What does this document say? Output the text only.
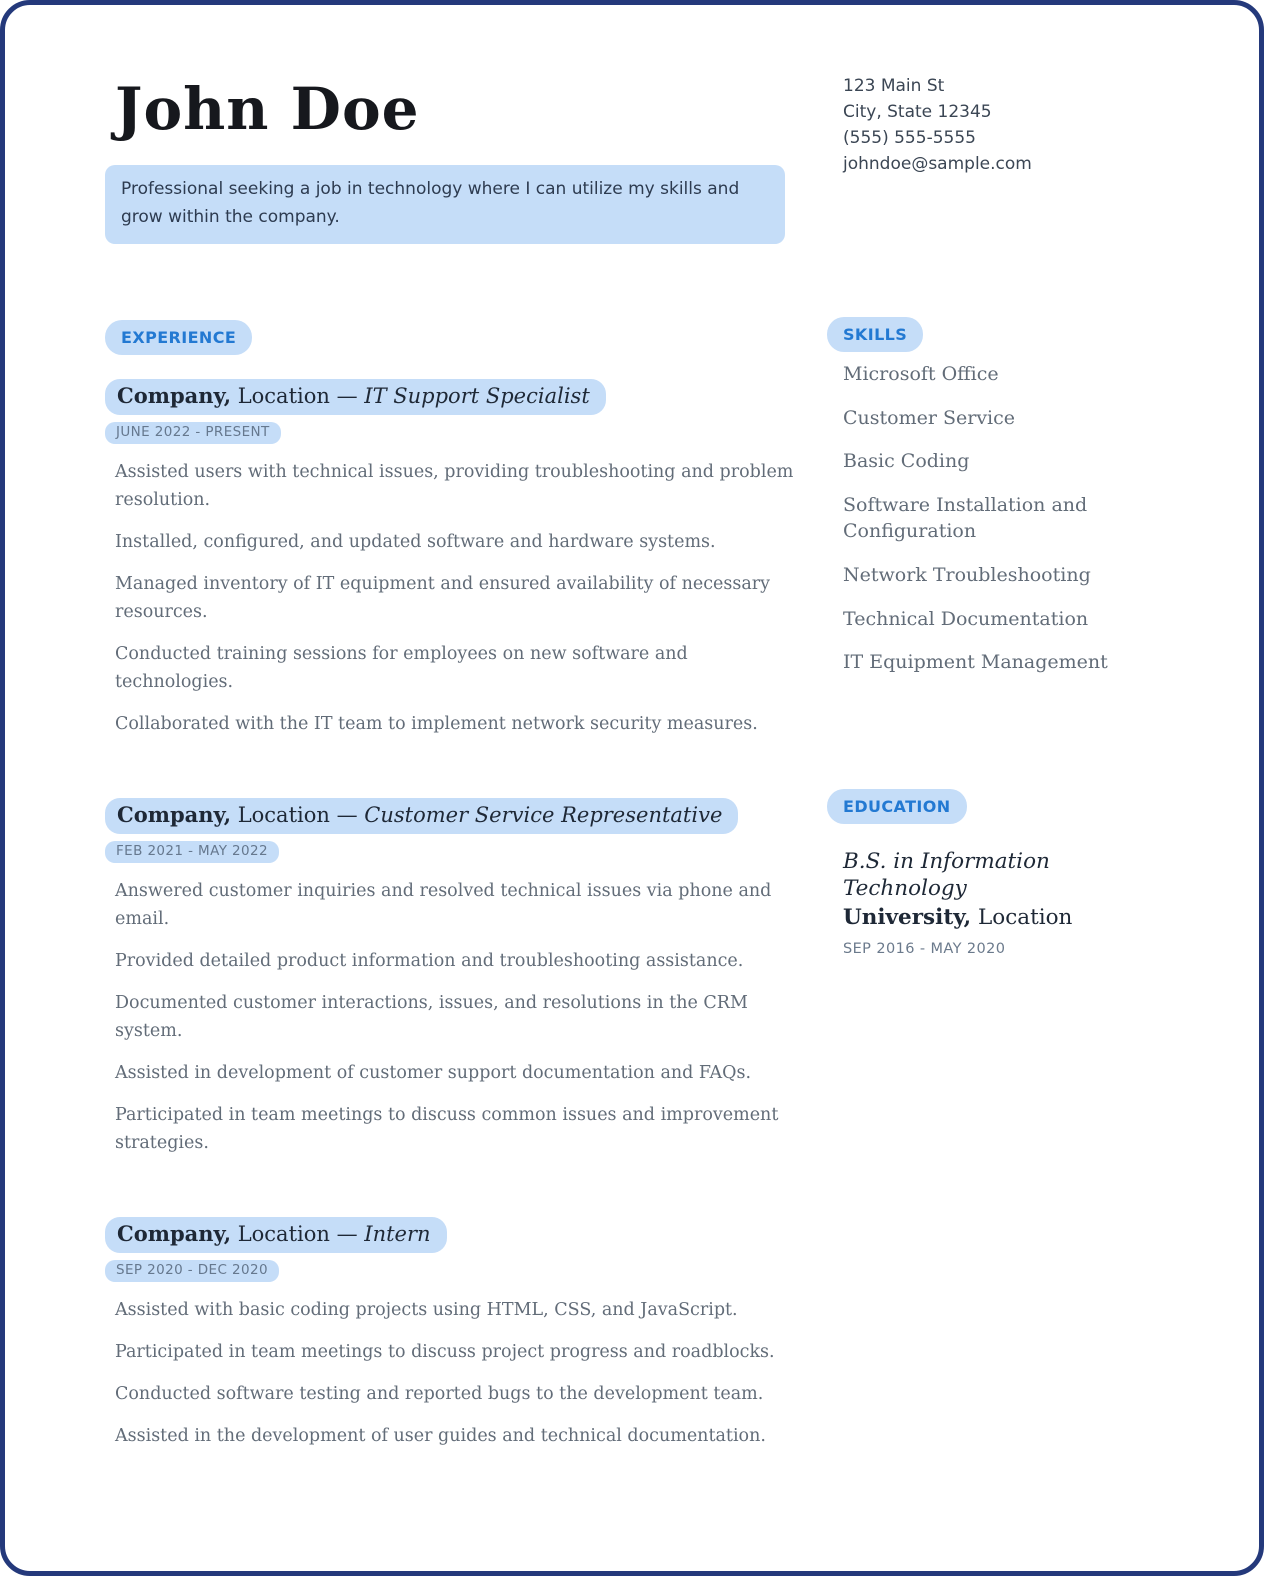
John Doe
Professional seeking a job in technology where I can utilize my skills and grow within the company.
EXPERIENCE
Company, Location — IT Support Specialist
JUNE 2022 - PRESENT

Assisted users with technical issues, providing troubleshooting and problem resolution.

Installed, configured, and updated software and hardware systems.

Managed inventory of IT equipment and ensured availability of necessary resources.

Conducted training sessions for employees on new software and technologies.

Collaborated with the IT team to implement network security measures.

Company, Location — Customer Service Representative
FEB 2021 - MAY 2022

Answered customer inquiries and resolved technical issues via phone and email.

Provided detailed product information and troubleshooting assistance.

Documented customer interactions, issues, and resolutions in the CRM system.

Assisted in development of customer support documentation and FAQs.

Participated in team meetings to discuss common issues and improvement strategies.

Company, Location — Intern
SEP 2020 - DEC 2020

Assisted with basic coding projects using HTML, CSS, and JavaScript.

Participated in team meetings to discuss project progress and roadblocks.

Conducted software testing and reported bugs to the development team.

Assisted in the development of user guides and technical documentation.

123 Main St
City, State 12345
(555) 555-5555
johndoe@sample.com
SKILLS
Microsoft Office
Customer Service
Basic Coding
Software Installation and Configuration
Network Troubleshooting
Technical Documentation
IT Equipment Management
EDUCATION
B.S. in Information Technology
University, Location
SEP 2016 - MAY 2020
